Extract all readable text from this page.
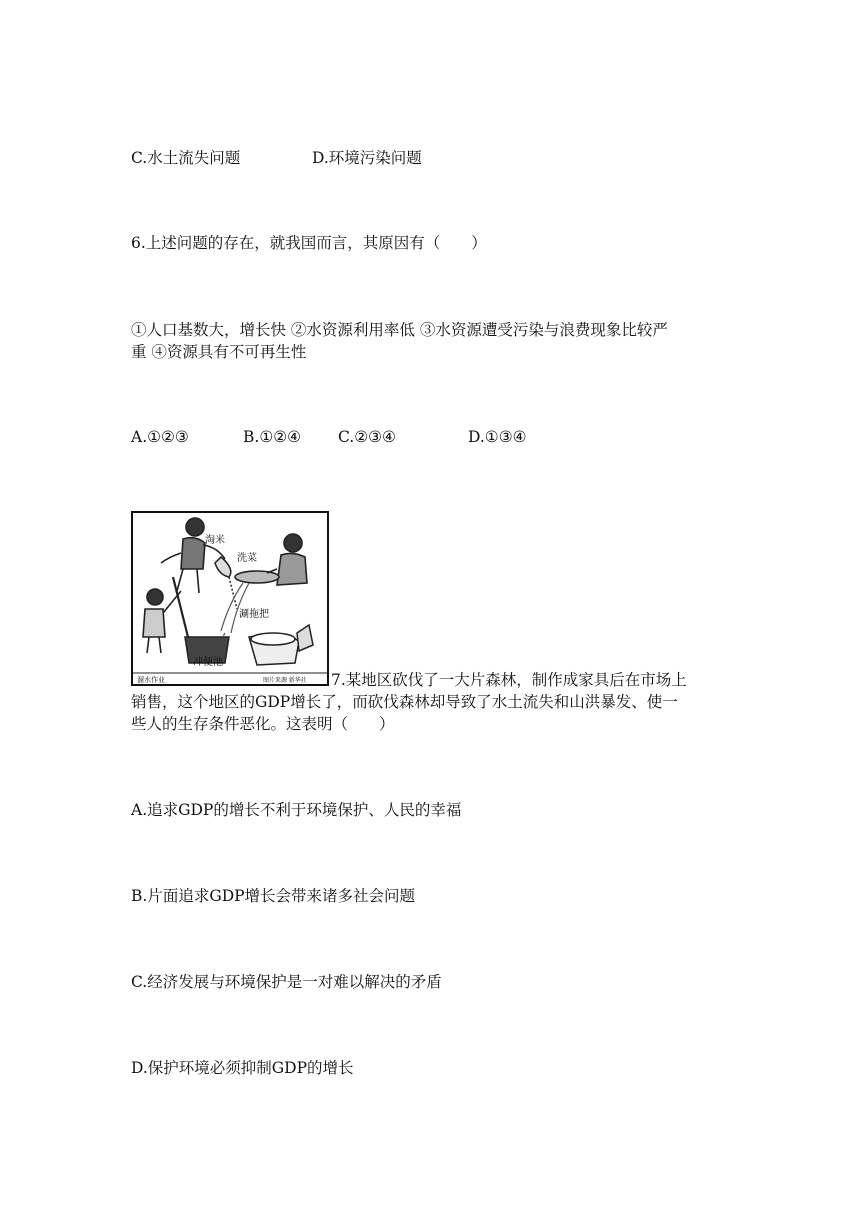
C.水土流失问题	D.环境污染问题
6.上述问题的存在，就我国而言，其原因有（　　）
①人口基数大，增长快 ②水资源利用率低 ③水资源遭受污染与浪费现象比较严
重 ④资源具有不可再生性
A.①②③	B.①②④ C.②③④	D.①③④
淘米
洗菜
涮拖把
冲便池
溜水作业	图片来源 新华社 7.某地区砍伐了一大片森林，制作成家具后在市场上
销售，这个地区的GDP增长了，而砍伐森林却导致了水土流失和山洪暴发、使一
些人的生存条件恶化。这表明（　　）
A.追求GDP的增长不利于环境保护、人民的幸福
B.片面追求GDP增长会带来诸多社会问题
C.经济发展与环境保护是一对难以解决的矛盾
D.保护环境必须抑制GDP的增长
